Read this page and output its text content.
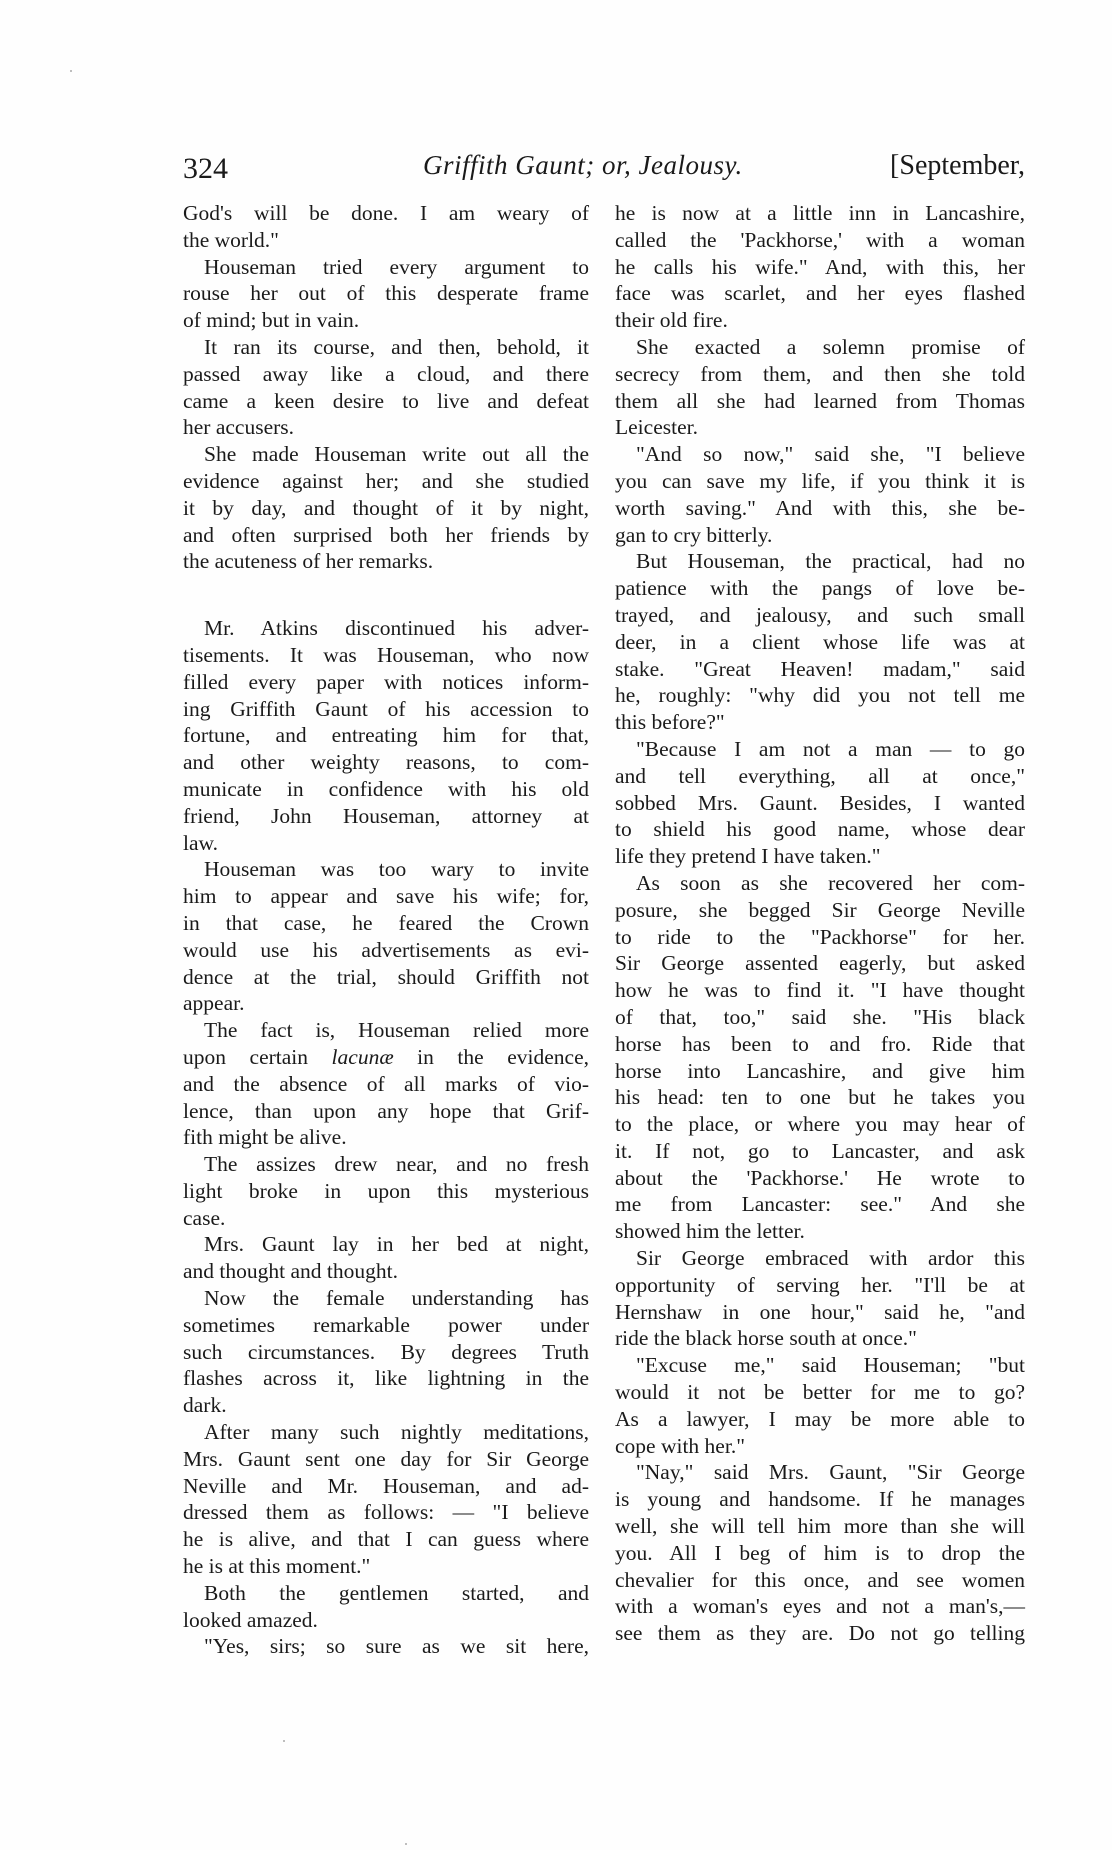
324	Griffith Gaunt; or, Jealousy.	[September,
God's will be done. I am weary of
the world."
Houseman tried every argument to
rouse her out of this desperate frame
of mind; but in vain.
It ran its course, and then, behold, it
passed away like a cloud, and there
came a keen desire to live and defeat
her accusers.
She made Houseman write out all the
evidence against her; and she studied
it by day, and thought of it by night,
and often surprised both her friends by
the acuteness of her remarks.
Mr. Atkins discontinued his adver-
tisements. It was Houseman, who now
filled every paper with notices inform-
ing Griffith Gaunt of his accession to
fortune, and entreating him for that,
and other weighty reasons, to com-
municate in confidence with his old
friend, John Houseman, attorney at
law.
Houseman was too wary to invite
him to appear and save his wife; for,
in that case, he feared the Crown
would use his advertisements as evi-
dence at the trial, should Griffith not
appear.
The fact is, Houseman relied more
upon certain lacunæ in the evidence,
and the absence of all marks of vio-
lence, than upon any hope that Grif-
fith might be alive.
The assizes drew near, and no fresh
light broke in upon this mysterious
case.
Mrs. Gaunt lay in her bed at night,
and thought and thought.
Now the female understanding has
sometimes remarkable power under
such circumstances. By degrees Truth
flashes across it, like lightning in the
dark.
After many such nightly meditations,
Mrs. Gaunt sent one day for Sir George
Neville and Mr. Houseman, and ad-
dressed them as follows: — "I believe
he is alive, and that I can guess where
he is at this moment."
Both the gentlemen started, and
looked amazed.
"Yes, sirs; so sure as we sit here,
he is now at a little inn in Lancashire,
called the 'Packhorse,' with a woman
he calls his wife." And, with this, her
face was scarlet, and her eyes flashed
their old fire.
She exacted a solemn promise of
secrecy from them, and then she told
them all she had learned from Thomas
Leicester.
"And so now," said she, "I believe
you can save my life, if you think it is
worth saving." And with this, she be-
gan to cry bitterly.
But Houseman, the practical, had no
patience with the pangs of love be-
trayed, and jealousy, and such small
deer, in a client whose life was at
stake. "Great Heaven! madam," said
he, roughly: "why did you not tell me
this before?"
"Because I am not a man — to go
and tell everything, all at once,"
sobbed Mrs. Gaunt. Besides, I wanted
to shield his good name, whose dear
life they pretend I have taken."
As soon as she recovered her com-
posure, she begged Sir George Neville
to ride to the "Packhorse" for her.
Sir George assented eagerly, but asked
how he was to find it. "I have thought
of that, too," said she. "His black
horse has been to and fro. Ride that
horse into Lancashire, and give him
his head: ten to one but he takes you
to the place, or where you may hear of
it. If not, go to Lancaster, and ask
about the 'Packhorse.' He wrote to
me from Lancaster: see." And she
showed him the letter.
Sir George embraced with ardor this
opportunity of serving her. "I'll be at
Hernshaw in one hour," said he, "and
ride the black horse south at once."
"Excuse me," said Houseman; "but
would it not be better for me to go?
As a lawyer, I may be more able to
cope with her."
"Nay," said Mrs. Gaunt, "Sir George
is young and handsome. If he manages
well, she will tell him more than she will
you. All I beg of him is to drop the
chevalier for this once, and see women
with a woman's eyes and not a man's,—
see them as they are. Do not go telling
